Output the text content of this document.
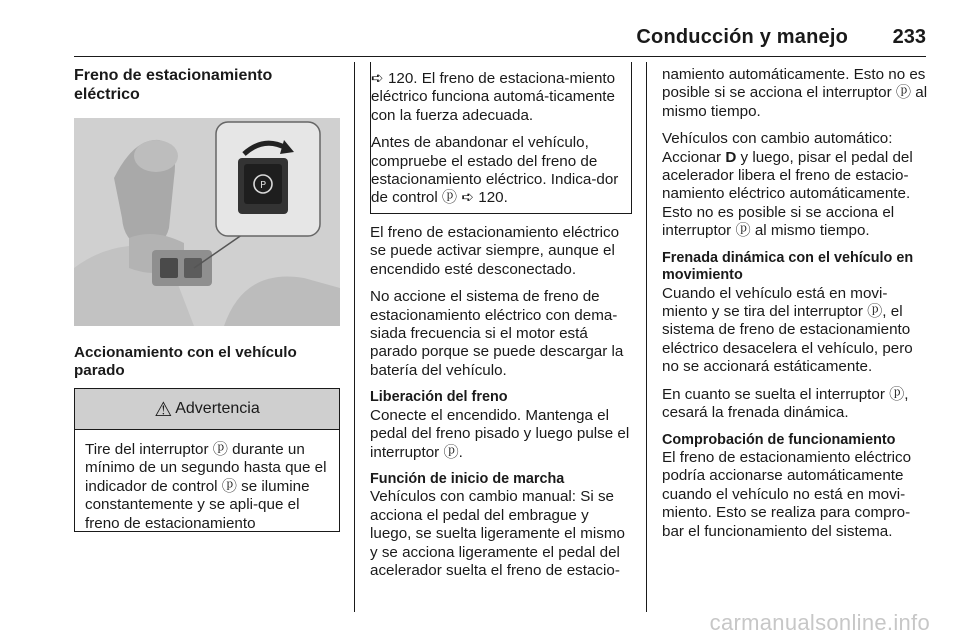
Conducción y manejo 233
Freno de estacionamiento eléctrico
P
Accionamiento con el vehículo parado
⚠ Advertencia
Tire del interruptor ⓟ durante un mínimo de un segundo hasta que el indicador de control ⓟ se ilumine constantemente y se apli-que el freno de estacionamiento

➪ 120. El freno de estaciona-miento eléctrico funciona automá-ticamente con la fuerza adecuada.

Antes de abandonar el vehículo, compruebe el estado del freno de estacionamiento eléctrico. Indica-dor de control ⓟ ➪ 120.

El freno de estacionamiento eléctrico se puede activar siempre, aunque el encendido esté desconectado.

No accione el sistema de freno de estacionamiento eléctrico con dema-siada frecuencia si el motor está parado porque se puede descargar la batería del vehículo.

Liberación del freno

Conecte el encendido. Mantenga el pedal del freno pisado y luego pulse el interruptor ⓟ.

Función de inicio de marcha

Vehículos con cambio manual: Si se acciona el pedal del embrague y luego, se suelta ligeramente el mismo y se acciona ligeramente el pedal del acelerador suelta el freno de estacio-

namiento automáticamente. Esto no es posible si se acciona el interruptor ⓟ al mismo tiempo.

Vehículos con cambio automático: Accionar D y luego, pisar el pedal del acelerador libera el freno de estacio-namiento eléctrico automáticamente. Esto no es posible si se acciona el interruptor ⓟ al mismo tiempo.

Frenada dinámica con el vehículo en movimiento

Cuando el vehículo está en movi-miento y se tira del interruptor ⓟ, el sistema de freno de estacionamiento eléctrico desacelera el vehículo, pero no se accionará estáticamente.

En cuanto se suelta el interruptor ⓟ, cesará la frenada dinámica.

Comprobación de funcionamiento

El freno de estacionamiento eléctrico podría accionarse automáticamente cuando el vehículo no está en movi-miento. Esto se realiza para compro-bar el funcionamiento del sistema.

carmanualsonline.info
